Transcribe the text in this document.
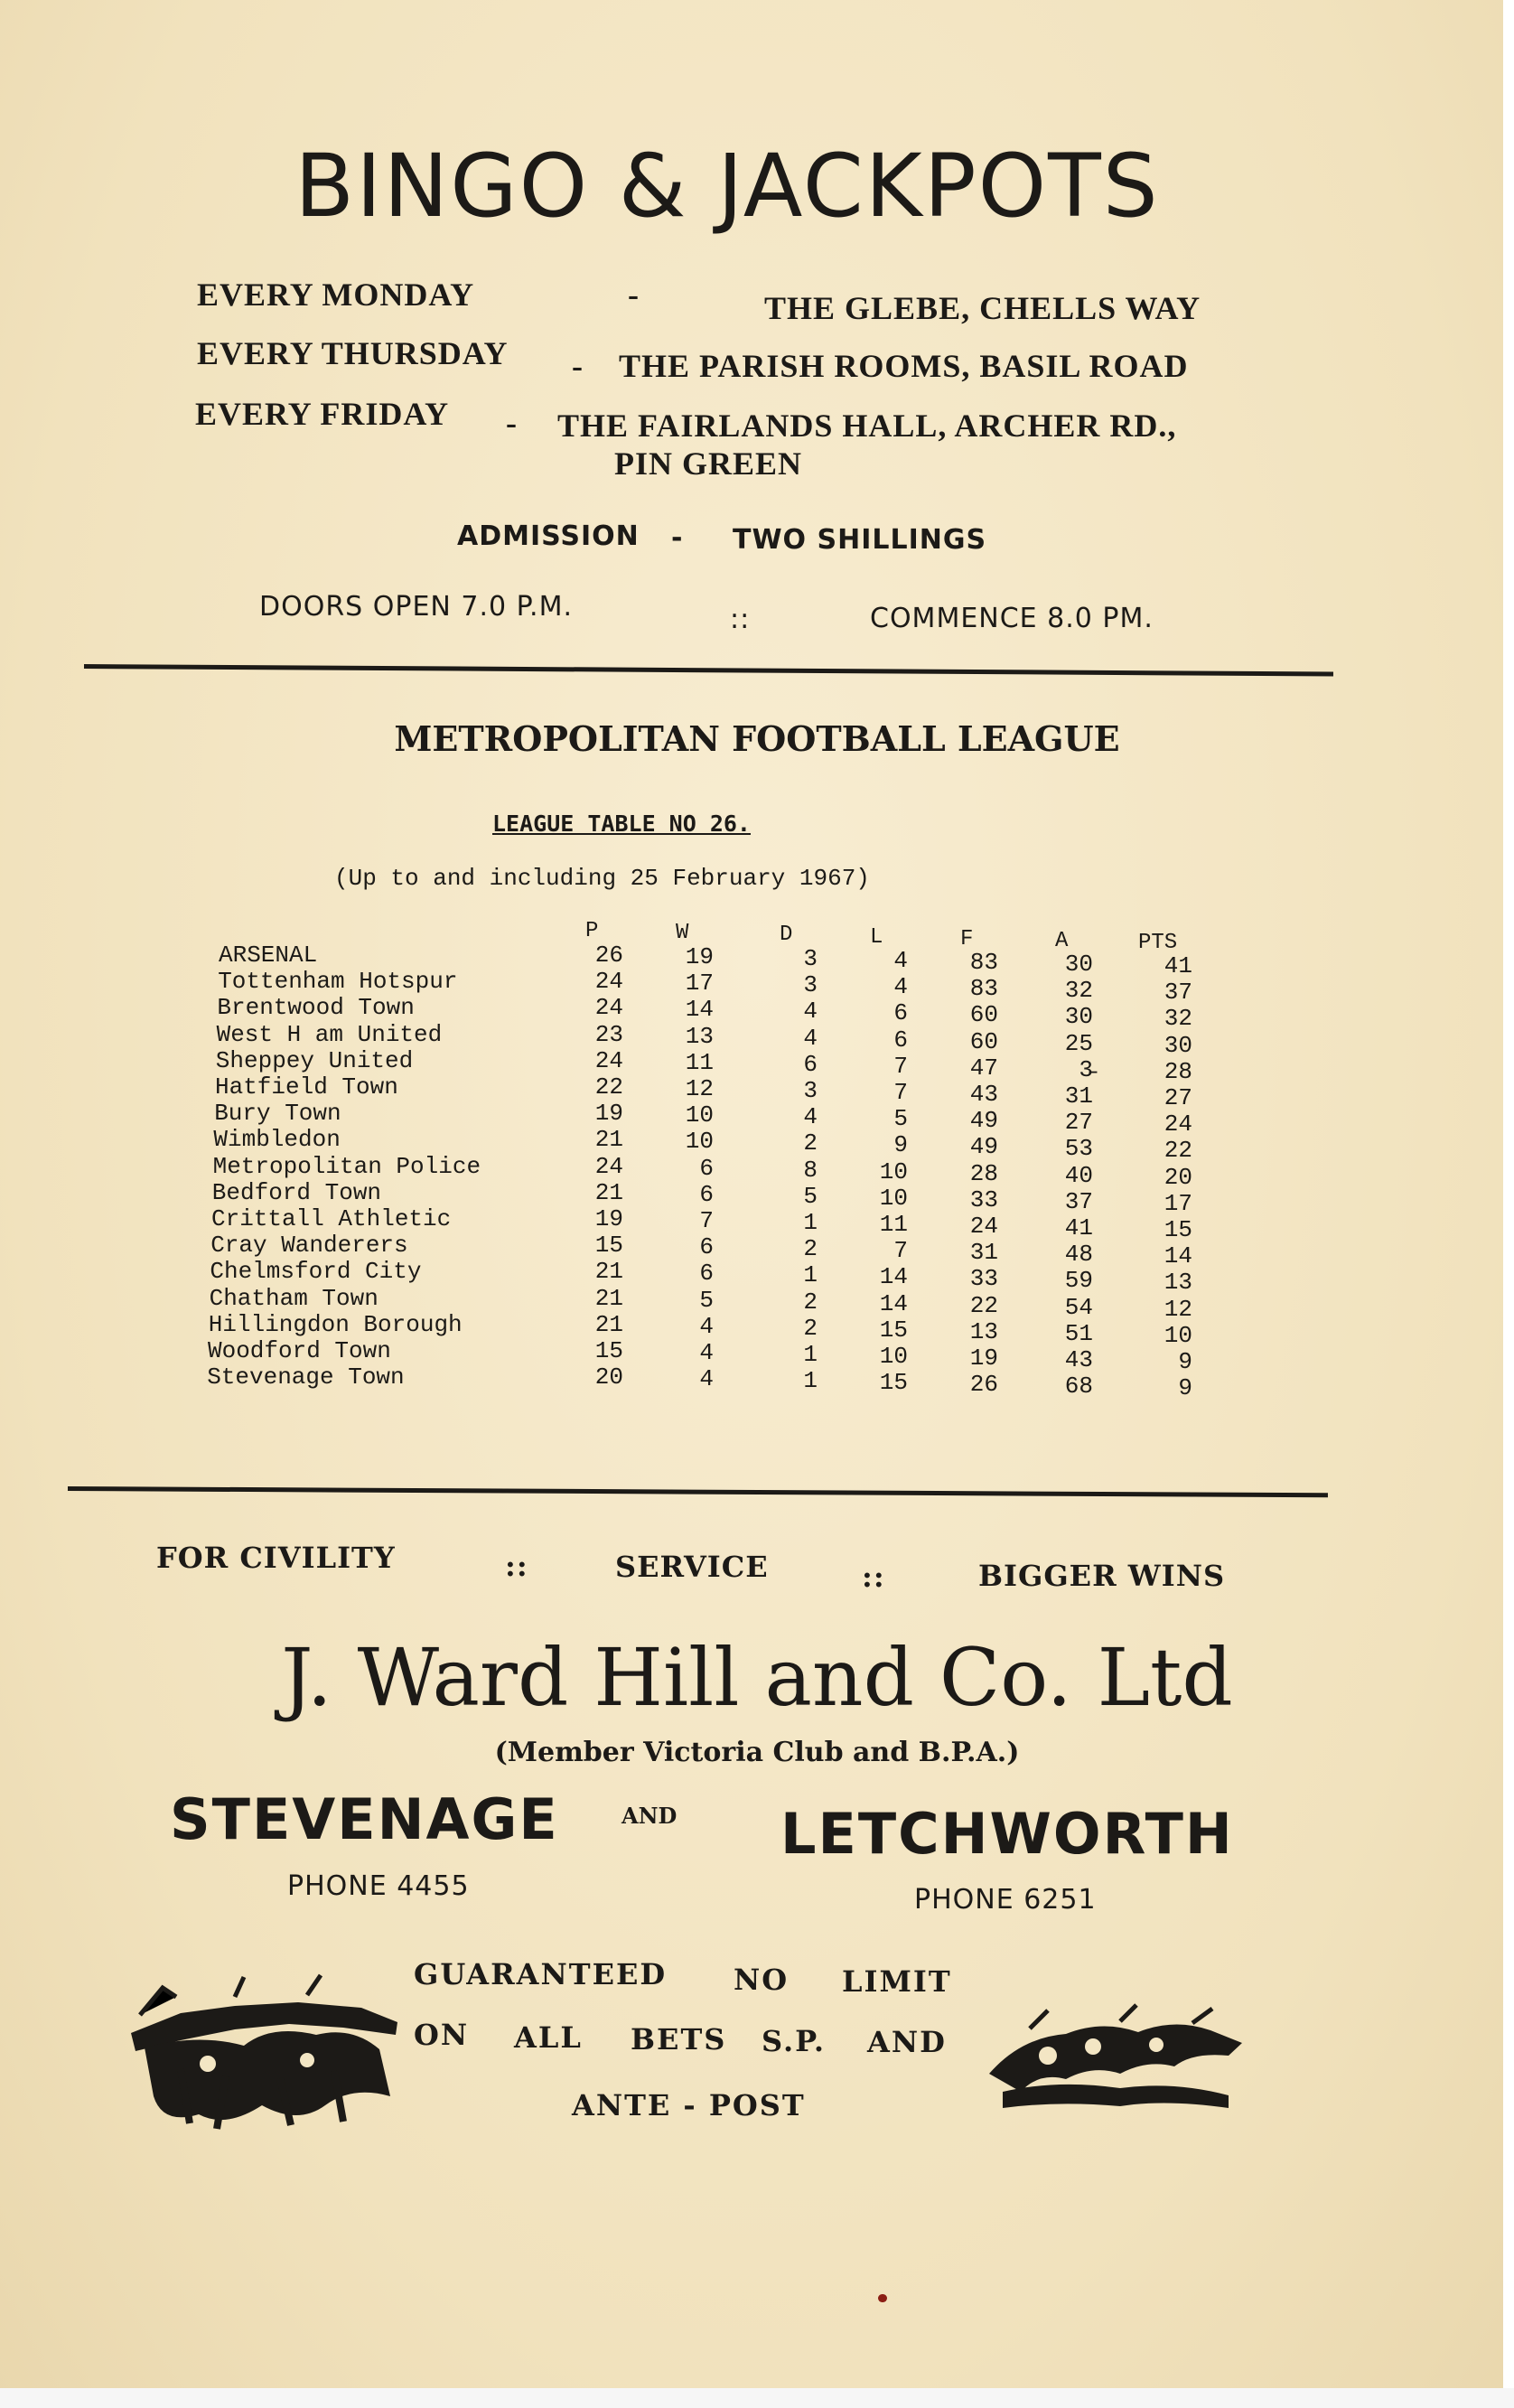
BINGO & JACKPOTS
EVERY MONDAY	-	THE GLEBE, CHELLS WAY
EVERY THURSDAY - THE PARISH ROOMS, BASIL ROAD
EVERY FRIDAY - THE FAIRLANDS HALL, ARCHER RD.,
PIN GREEN
ADMISSION - TWO SHILLINGS
DOORS OPEN 7.0 P.M.	::	COMMENCE 8.0 PM.
METROPOLITAN FOOTBALL LEAGUE
LEAGUE TABLE NO 26.
(Up to and including 25 February 1967)
P	W	D	L	F	A	PTS
ARSENAL	26	19	3	4	83	30	41
Tottenham Hotspur	24	17	3	4	83	32	37
Brentwood Town	24	14	4	6	60	30	32
West H am United	23	13	4	6	60	25	30
Sheppey United	24	11	6	7	47	3̵	28
Hatfield Town	22	12	3	7	43	31	27
Bury Town	19	10	4	5	49	27	24
Wimbledon	21	10	2	9	49	53	22
Metropolitan Police	24	6	8	10	28	40	20
Bedford Town	21	6	5	10	33	37	17
Crittall Athletic	19	7	1	11	24	41	15
Cray Wanderers	15	6	2	7	31	48	14
Chelmsford City	21	6	1	14	33	59	13
Chatham Town	21	5	2	14	22	54	12
Hillingdon Borough	21	4	2	15	13	51	10
Woodford Town	15	4	1	10	19	43	9
Stevenage Town	20	4	1	15	26	68	9
FOR CIVILITY	::	SERVICE	::	BIGGER WINS
J. Ward Hill and Co. Ltd
(Member Victoria Club and B.P.A.)
STEVENAGE	AND LETCHWORTH
PHONE 4455	PHONE 6251
GUARANTEED NO LIMIT
ON ALL BETS S.P. AND
ANTE - POST
